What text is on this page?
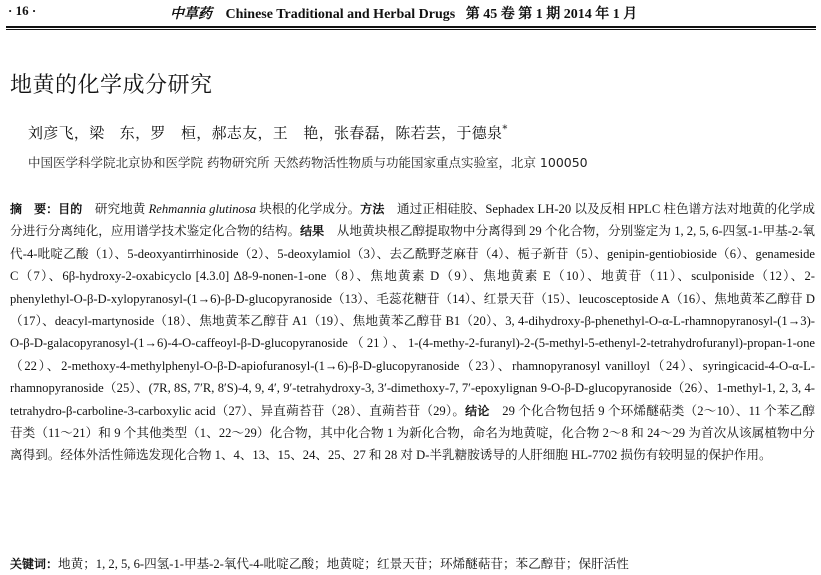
· 16 ·	中草药 Chinese Traditional and Herbal Drugs 第 45 卷 第 1 期 2014 年 1 月
地黄的化学成分研究
刘彦飞，梁　东，罗　桓，郝志友，王　艳，张春磊，陈若芸，于德泉*
中国医学科学院北京协和医学院 药物研究所 天然药物活性物质与功能国家重点实验室，北京 100050

摘　要：目的　研究地黄 Rehmannia glutinosa 块根的化学成分。方法　通过正相硅胶、Sephadex LH-20 以及反相 HPLC 柱色谱方法对地黄的化学成分进行分离纯化，应用谱学技术鉴定化合物的结构。结果　从地黄块根乙醇提取物中分离得到 29 个化合物，分别鉴定为 1, 2, 5, 6-四氢-1-甲基-2-氧代-4-吡啶乙酸（1）、5-deoxyantirrhinoside（2）、5-deoxylamiol（3）、去乙酰野芝麻苷（4）、栀子新苷（5）、genipin-gentiobioside（6）、genameside C（7）、6β-hydroxy-2-oxabicyclo [4.3.0] Δ8-9-nonen-1-one（8）、焦地黄素 D（9）、焦地黄素 E（10）、地黄苷（11）、sculponiside（12）、2-phenylethyl-O-β-D-xylopyranosyl-(1→6)-β-D-glucopyranoside（13）、毛蕊花糖苷（14）、红景天苷（15）、leucosceptoside A（16）、焦地黄苯乙醇苷 D（17）、deacyl-martynoside（18）、焦地黄苯乙醇苷 A1（19）、焦地黄苯乙醇苷 B1（20）、3, 4-dihydroxy-β-phenethyl-O-α-L-rhamnopyranosyl-(1→3)-O-β-D-galacopyranosyl-(1→6)-4-O-caffeoyl-β-D-glucopyranoside（21）、1-(4-methy-2-furanyl)-2-(5-methyl-5-ethenyl-2-tetrahydrofuranyl)-propan-1-one（22）、2-methoxy-4-methylphenyl-O-β-D-apiofuranosyl-(1→6)-β-D-glucopyranoside（23）、rhamnopyranosyl vanilloyl（24）、syringicacid-4-O-α-L-rhamnopyranoside（25）、(7R, 8S, 7′R, 8′S)-4, 9, 4′, 9′-tetrahydroxy-3, 3′-dimethoxy-7, 7′-epoxylignan 9-O-β-D-glucopyranoside（26）、1-methyl-1, 2, 3, 4-tetrahydro-β-carboline-3-carboxylic acid（27）、异直蒴苔苷（28）、直蒴苔苷（29）。结论　29 个化合物包括 9 个环烯醚萜类（2～10）、11 个苯乙醇苷类（11～21）和 9 个其他类型（1、22～29）化合物，其中化合物 1 为新化合物，命名为地黄啶，化合物 2～8 和 24～29 为首次从该属植物中分离得到。经体外活性筛选发现化合物 1、4、13、15、24、25、27 和 28 对 D-半乳糖胺诱导的人肝细胞 HL-7702 损伤有较明显的保护作用。

关键词：地黄；1, 2, 5, 6-四氢-1-甲基-2-氧代-4-吡啶乙酸；地黄啶；红景天苷；环烯醚萜苷；苯乙醇苷；保肝活性
